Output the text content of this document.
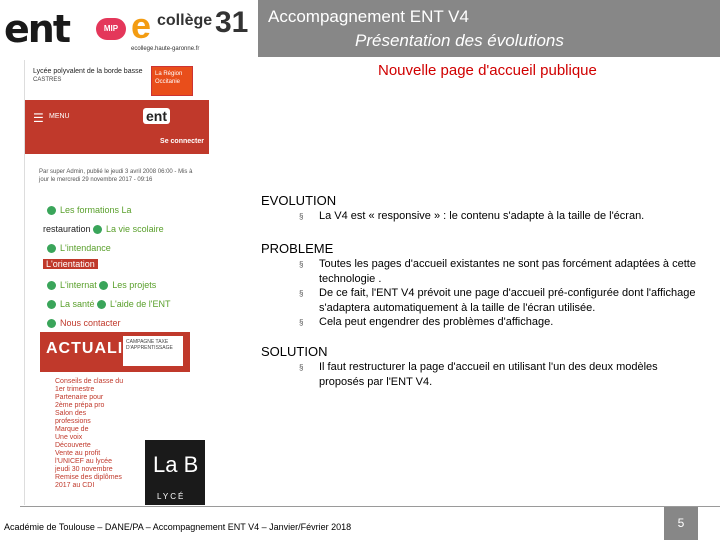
ent	MIP e collège 31
ecollege.haute-garonne.fr
Accompagnement ENT V4
Présentation des évolutions
Nouvelle page d'accueil publique
Lycée polyvalent de la borde basse
CASTRES
La Région Occitanie
☰ MENU	ent
Se connecter
Par super Admin, publié le jeudi 3 avril 2008 06:00 - Mis à jour le mercredi 29 novembre 2017 - 09:16
Les formations La
restauration La vie scolaire
L'intendance
L'orientation
L'internat Les projets
La santé L'aide de l'ENT
Nous contacter
ACTUALI CAMPAGNE TAXE D'APPRENTISSAGE
Conseils de classe du
1er trimestre
Partenaire pour
2ème prépa pro
Salon des
professions
Marque de
Une voix
Découverte
Vente au profit
l'UNICEF au lycée
jeudi 30 novembre
Remise des diplômes
2017 au CDI
La B
LYCÉ
EVOLUTION
§ La V4 est « responsive » : le contenu s'adapte à la taille de l'écran.
PROBLEME
§ Toutes les pages d'accueil existantes ne sont pas forcément adaptées à cette technologie .
§ De ce fait, l'ENT V4 prévoit une page d'accueil pré-configurée dont l'affichage s'adaptera automatiquement à la taille de l'écran utilisée.
§ Cela peut engendrer des problèmes d'affichage.
SOLUTION
§ Il faut restructurer la page d'accueil en utilisant l'un des deux modèles proposés par l'ENT V4.
Académie de Toulouse – DANE/PA – Accompagnement ENT V4 – Janvier/Février 2018	5
